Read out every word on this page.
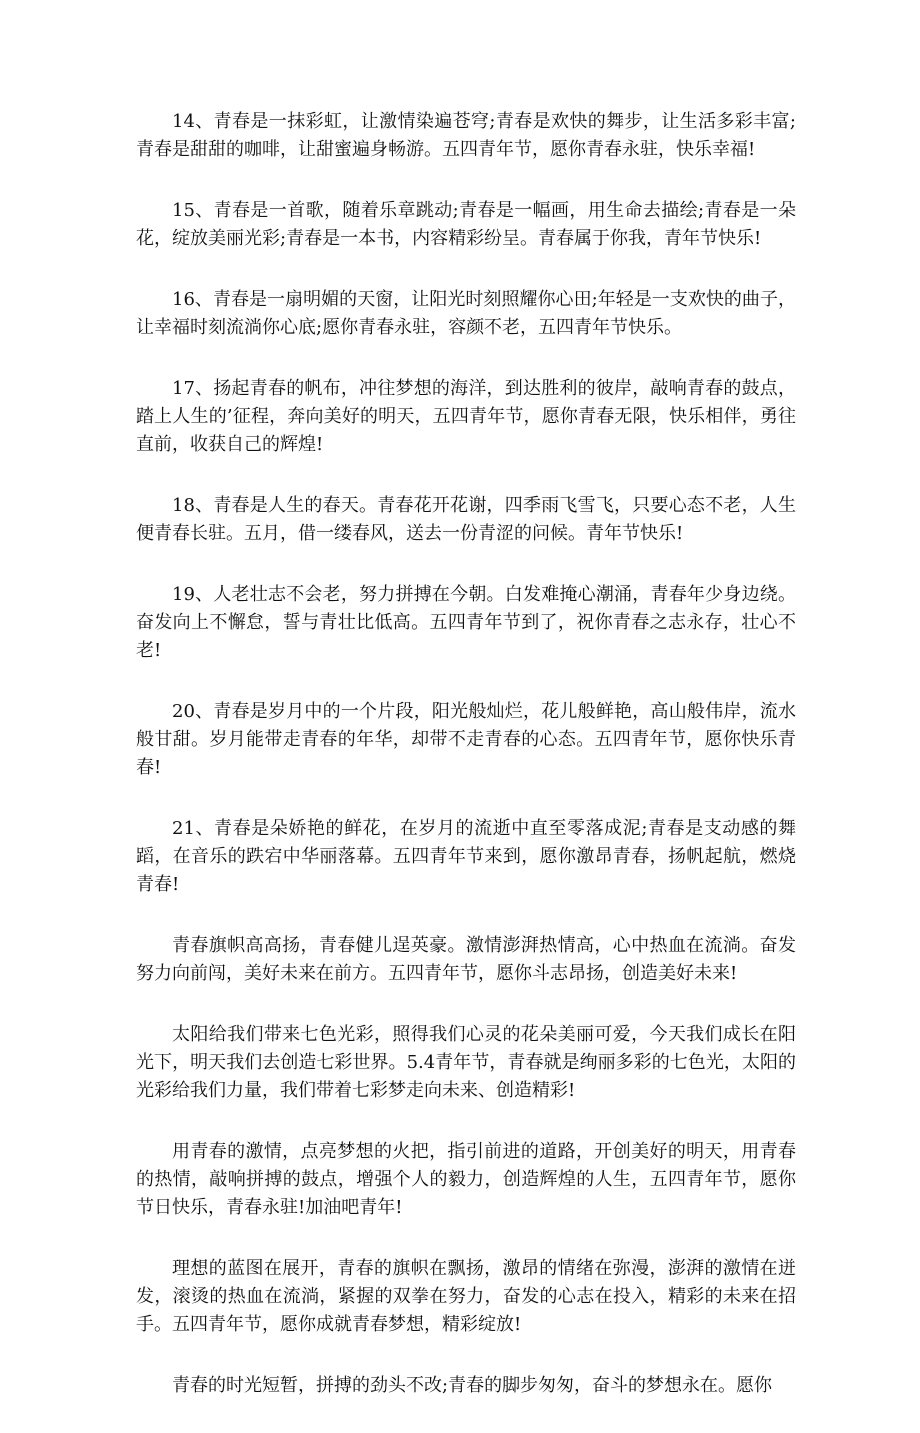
14、青春是一抹彩虹，让激情染遍苍穹;青春是欢快的舞步，让生活多彩丰富;青春是甜甜的咖啡，让甜蜜遍身畅游。五四青年节，愿你青春永驻，快乐幸福!

15、青春是一首歌，随着乐章跳动;青春是一幅画，用生命去描绘;青春是一朵花，绽放美丽光彩;青春是一本书，内容精彩纷呈。青春属于你我，青年节快乐!

16、青春是一扇明媚的天窗，让阳光时刻照耀你心田;年轻是一支欢快的曲子，让幸福时刻流淌你心底;愿你青春永驻，容颜不老，五四青年节快乐。

17、扬起青春的帆布，冲往梦想的海洋，到达胜利的彼岸，敲响青春的鼓点，踏上人生的’征程，奔向美好的明天，五四青年节，愿你青春无限，快乐相伴，勇往直前，收获自己的辉煌!

18、青春是人生的春天。青春花开花谢，四季雨飞雪飞，只要心态不老，人生便青春长驻。五月，借一缕春风，送去一份青涩的问候。青年节快乐!

19、人老壮志不会老，努力拼搏在今朝。白发难掩心潮涌，青春年少身边绕。奋发向上不懈怠，誓与青壮比低高。五四青年节到了，祝你青春之志永存，壮心不老!

20、青春是岁月中的一个片段，阳光般灿烂，花儿般鲜艳，高山般伟岸，流水般甘甜。岁月能带走青春的年华，却带不走青春的心态。五四青年节，愿你快乐青春!

21、青春是朵娇艳的鲜花，在岁月的流逝中直至零落成泥;青春是支动感的舞蹈，在音乐的跌宕中华丽落幕。五四青年节来到，愿你激昂青春，扬帆起航，燃烧青春!

青春旗帜高高扬，青春健儿逞英豪。激情澎湃热情高，心中热血在流淌。奋发努力向前闯，美好未来在前方。五四青年节，愿你斗志昂扬，创造美好未来!

太阳给我们带来七色光彩，照得我们心灵的花朵美丽可爱，今天我们成长在阳光下，明天我们去创造七彩世界。5.4青年节，青春就是绚丽多彩的七色光，太阳的光彩给我们力量，我们带着七彩梦走向未来、创造精彩!

用青春的激情，点亮梦想的火把，指引前进的道路，开创美好的明天，用青春的热情，敲响拼搏的鼓点，增强个人的毅力，创造辉煌的人生，五四青年节，愿你节日快乐，青春永驻!加油吧青年!

理想的蓝图在展开，青春的旗帜在飘扬，激昂的情绪在弥漫，澎湃的激情在迸发，滚烫的热血在流淌，紧握的双拳在努力，奋发的心志在投入，精彩的未来在招手。五四青年节，愿你成就青春梦想，精彩绽放!

青春的时光短暂，拼搏的劲头不改;青春的脚步匆匆，奋斗的梦想永在。愿你
